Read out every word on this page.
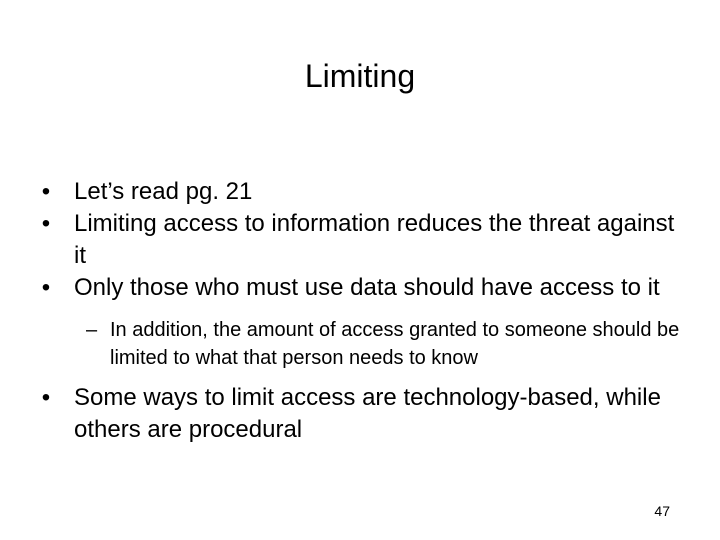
Limiting
• Let’s read pg. 21
• Limiting access to information reduces the threat against it
• Only those who must use data should have access to it
– In addition, the amount of access granted to someone should be limited to what that person needs to know
• Some ways to limit access are technology-based, while others are procedural
47
